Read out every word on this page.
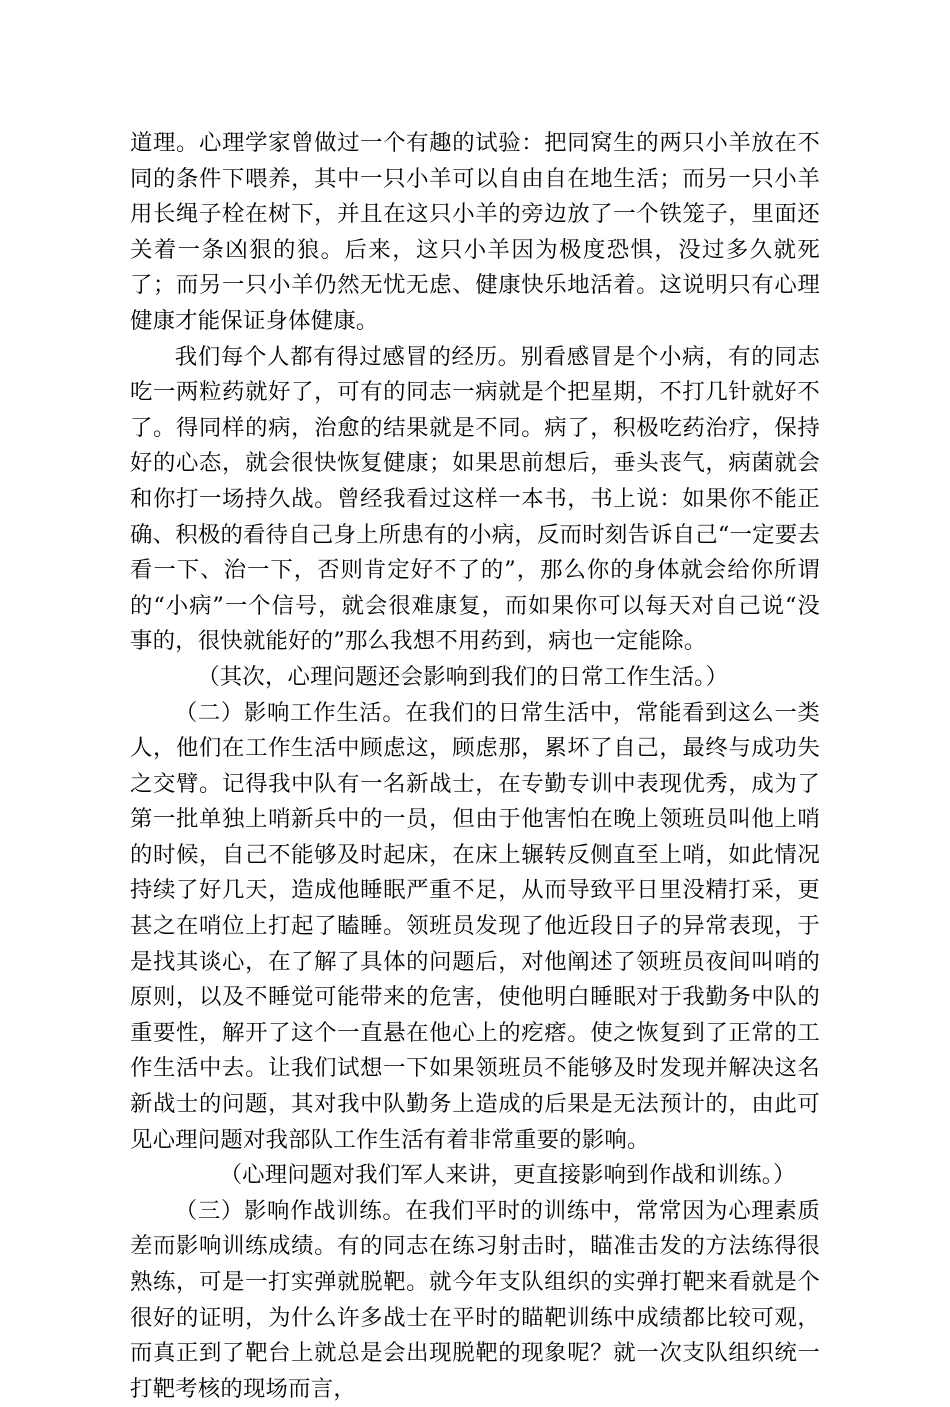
道理。心理学家曾做过一个有趣的试验：把同窝生的两只小羊放在不同的条件下喂养，其中一只小羊可以自由自在地生活；而另一只小羊用长绳子栓在树下，并且在这只小羊的旁边放了一个铁笼子，里面还关着一条凶狠的狼。后来，这只小羊因为极度恐惧，没过多久就死了；而另一只小羊仍然无忧无虑、健康快乐地活着。这说明只有心理健康才能保证身体健康。

我们每个人都有得过感冒的经历。别看感冒是个小病，有的同志吃一两粒药就好了，可有的同志一病就是个把星期，不打几针就好不了。得同样的病，治愈的结果就是不同。病了，积极吃药治疗，保持好的心态，就会很快恢复健康；如果思前想后，垂头丧气，病菌就会和你打一场持久战。曾经我看过这样一本书，书上说：如果你不能正确、积极的看待自己身上所患有的小病，反而时刻告诉自己“一定要去看一下、治一下，否则肯定好不了的”，那么你的身体就会给你所谓的“小病”一个信号，就会很难康复，而如果你可以每天对自己说“没事的，很快就能好的”那么我想不用药到，病也一定能除。

（其次，心理问题还会影响到我们的日常工作生活。）

（二）影响工作生活。在我们的日常生活中，常能看到这么一类人，他们在工作生活中顾虑这，顾虑那，累坏了自己，最终与成功失之交臂。记得我中队有一名新战士，在专勤专训中表现优秀，成为了第一批单独上哨新兵中的一员，但由于他害怕在晚上领班员叫他上哨的时候，自己不能够及时起床，在床上辗转反侧直至上哨，如此情况持续了好几天，造成他睡眠严重不足，从而导致平日里没精打采，更甚之在哨位上打起了瞌睡。领班员发现了他近段日子的异常表现，于是找其谈心，在了解了具体的问题后，对他阐述了领班员夜间叫哨的原则，以及不睡觉可能带来的危害，使他明白睡眠对于我勤务中队的重要性，解开了这个一直悬在他心上的疙瘩。使之恢复到了正常的工作生活中去。让我们试想一下如果领班员不能够及时发现并解决这名新战士的问题，其对我中队勤务上造成的后果是无法预计的，由此可见心理问题对我部队工作生活有着非常重要的影响。

（心理问题对我们军人来讲，更直接影响到作战和训练。）

（三）影响作战训练。在我们平时的训练中，常常因为心理素质差而影响训练成绩。有的同志在练习射击时，瞄准击发的方法练得很熟练，可是一打实弹就脱靶。就今年支队组织的实弹打靶来看就是个很好的证明，为什么许多战士在平时的瞄靶训练中成绩都比较可观，而真正到了靶台上就总是会出现脱靶的现象呢？就一次支队组织统一打靶考核的现场而言，
